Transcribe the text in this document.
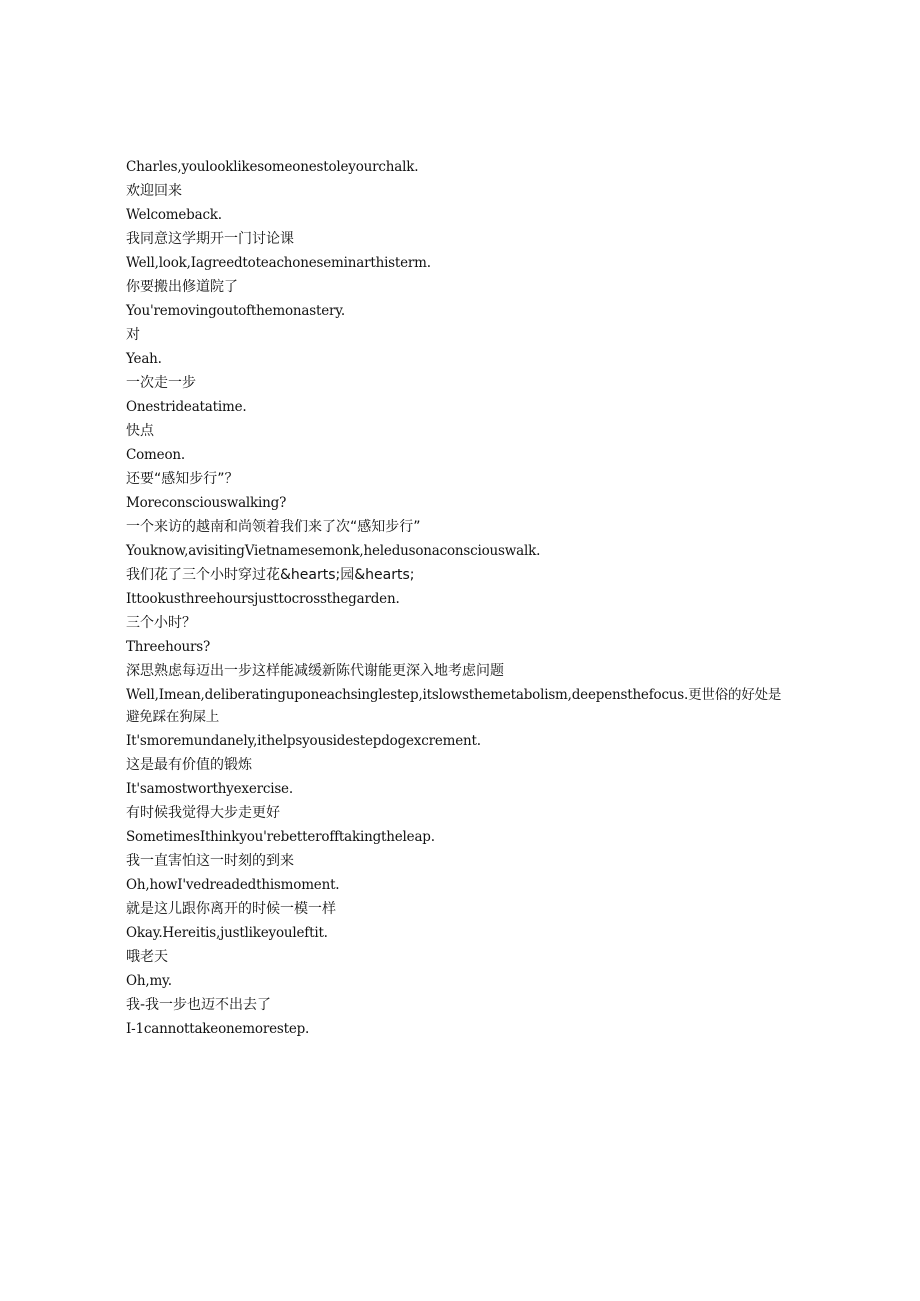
Charles,youlooklikesomeonestoleyourchalk.

欢迎回来

Welcomeback.

我同意这学期开一门讨论课

Well,look,Iagreedtoteachoneseminarthisterm.

你要搬出修道院了

You'removingoutofthemonastery.

对

Yeah.

一次走一步

Onestrideatatime.

快点

Comeon.

还要“感知步行”？

Moreconsciouswalking?

一个来访的越南和尚领着我们来了次“感知步行”

Youknow,avisitingVietnamesemonk,heledusonaconsciouswalk.

我们花了三个小时穿过花&hearts;园&hearts;

Ittookusthreehoursjusttocrossthegarden.

三个小时？

Threehours?

深思熟虑每迈出一步这样能减缓新陈代谢能更深入地考虑问题

Well,Imean,deliberatinguponeachsinglestep,itslowsthemetabolism,deepensthefocus.更世俗的好处是避免踩在狗屎上

It'smoremundanely,ithelpsyousidestepdogexcrement.

这是最有价值的锻炼

It'samostworthyexercise.

有时候我觉得大步走更好

SometimesIthinkyou'rebetterofftakingtheleap.

我一直害怕这一时刻的到来

Oh,howI'vedreadedthismoment.

就是这儿跟你离开的时候一模一样

Okay.Hereitis,justlikeyouleftit.

哦老天

Oh,my.

我-我一步也迈不出去了

I-1cannottakeonemorestep.
